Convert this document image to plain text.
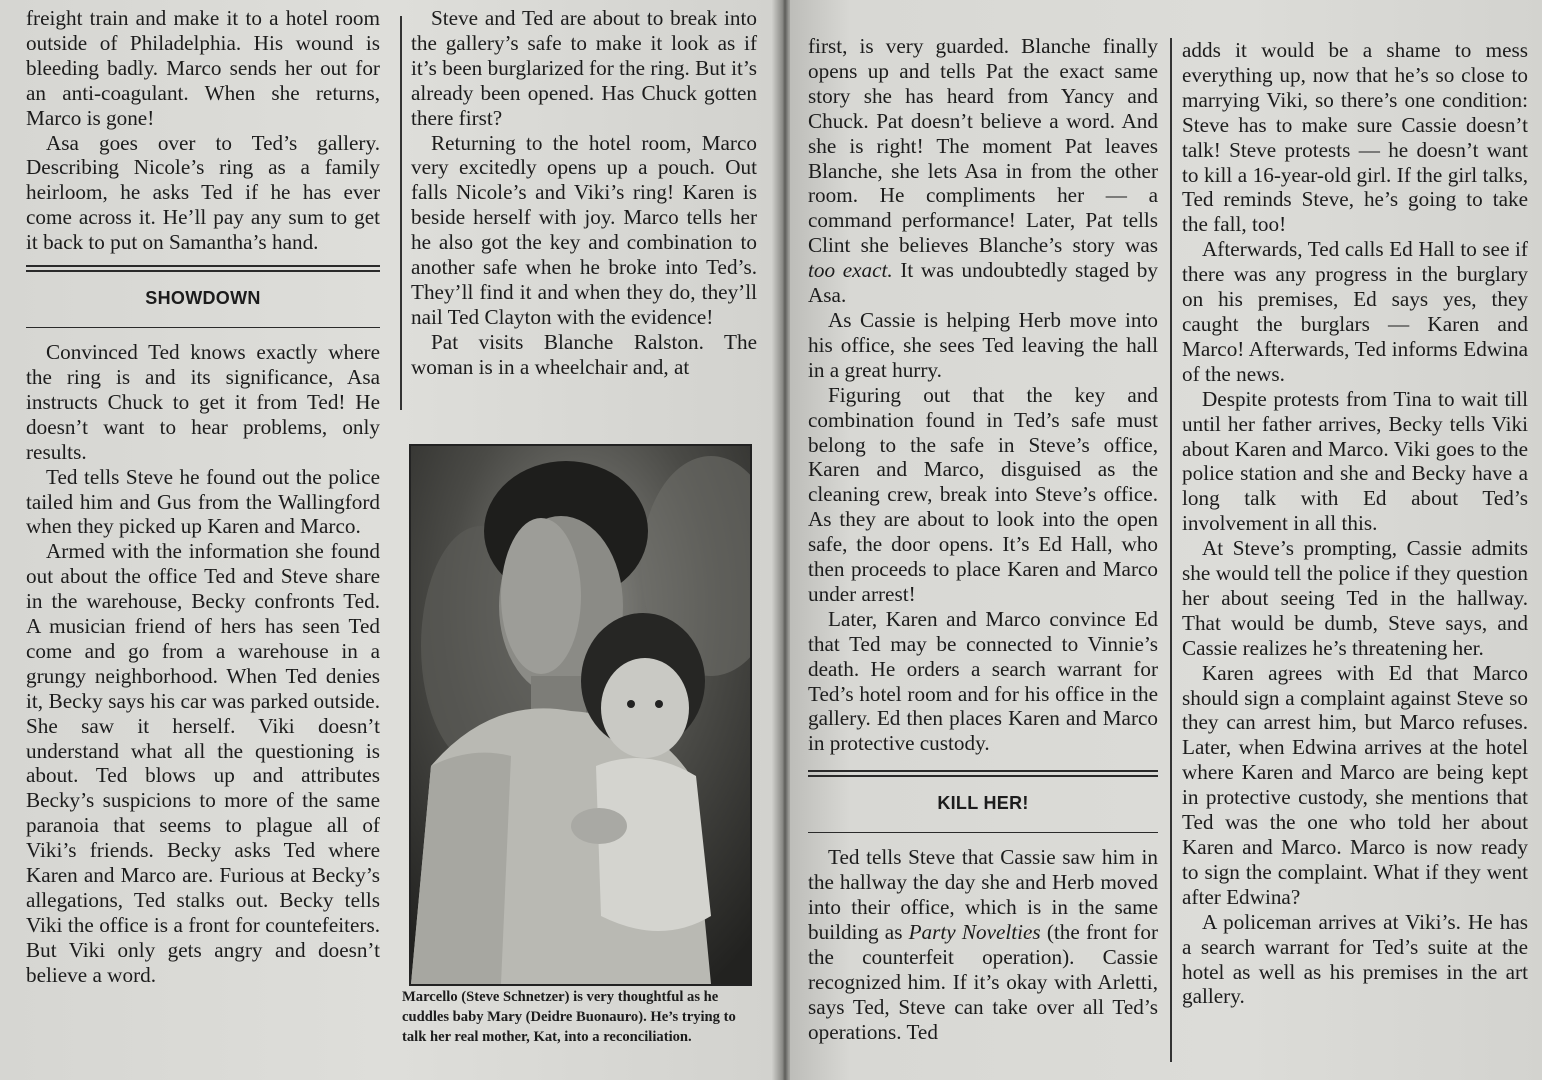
freight train and make it to a hotel room outside of Philadelphia. His wound is bleeding badly. Marco sends her out for an anti-coagulant. When she returns, Marco is gone!

Asa goes over to Ted’s gallery. Describing Nicole’s ring as a family heirloom, he asks Ted if he has ever come across it. He’ll pay any sum to get it back to put on Samantha’s hand.

SHOWDOWN

Convinced Ted knows exactly where the ring is and its significance, Asa instructs Chuck to get it from Ted! He doesn’t want to hear problems, only results.

Ted tells Steve he found out the police tailed him and Gus from the Wallingford when they picked up Karen and Marco.

Armed with the information she found out about the office Ted and Steve share in the warehouse, Becky confronts Ted. A musician friend of hers has seen Ted come and go from a warehouse in a grungy neighborhood. When Ted denies it, Becky says his car was parked outside. She saw it herself. Viki doesn’t understand what all the questioning is about. Ted blows up and attributes Becky’s suspicions to more of the same paranoia that seems to plague all of Viki’s friends. Becky asks Ted where Karen and Marco are. Furious at Becky’s allegations, Ted stalks out. Becky tells Viki the office is a front for countefeiters. But Viki only gets angry and doesn’t believe a word.

Steve and Ted are about to break into the gallery’s safe to make it look as if it’s been burglarized for the ring. But it’s already been opened. Has Chuck gotten there first?

Returning to the hotel room, Marco very excitedly opens up a pouch. Out falls Nicole’s and Viki’s ring! Karen is beside herself with joy. Marco tells her he also got the key and combination to another safe when he broke into Ted’s. They’ll find it and when they do, they’ll nail Ted Clayton with the evidence!

Pat visits Blanche Ralston. The woman is in a wheelchair and, at

Marcello (Steve Schnetzer) is very thoughtful as he cuddles baby Mary (Deidre Buonauro). He’s trying to talk her real mother, Kat, into a reconciliation.

first, is very guarded. Blanche finally opens up and tells Pat the exact same story she has heard from Yancy and Chuck. Pat doesn’t believe a word. And she is right! The moment Pat leaves Blanche, she lets Asa in from the other room. He compliments her — a command performance! Later, Pat tells Clint she believes Blanche’s story was too exact. It was undoubtedly staged by Asa.

As Cassie is helping Herb move into his office, she sees Ted leaving the hall in a great hurry.

Figuring out that the key and combination found in Ted’s safe must belong to the safe in Steve’s office, Karen and Marco, disguised as the cleaning crew, break into Steve’s office. As they are about to look into the open safe, the door opens. It’s Ed Hall, who then proceeds to place Karen and Marco under arrest!

Later, Karen and Marco convince Ed that Ted may be connected to Vinnie’s death. He orders a search warrant for Ted’s hotel room and for his office in the gallery. Ed then places Karen and Marco in protective custody.

KILL HER!

Ted tells Steve that Cassie saw him in the hallway the day she and Herb moved into their office, which is in the same building as Party Novelties (the front for the counterfeit operation). Cassie recognized him. If it’s okay with Arletti, says Ted, Steve can take over all Ted’s operations. Ted

adds it would be a shame to mess everything up, now that he’s so close to marrying Viki, so there’s one condition: Steve has to make sure Cassie doesn’t talk! Steve protests — he doesn’t want to kill a 16-year-old girl. If the girl talks, Ted reminds Steve, he’s going to take the fall, too!

Afterwards, Ted calls Ed Hall to see if there was any progress in the burglary on his premises, Ed says yes, they caught the burglars — Karen and Marco! Afterwards, Ted informs Edwina of the news.

Despite protests from Tina to wait till until her father arrives, Becky tells Viki about Karen and Marco. Viki goes to the police station and she and Becky have a long talk with Ed about Ted’s involvement in all this.

At Steve’s prompting, Cassie admits she would tell the police if they question her about seeing Ted in the hallway. That would be dumb, Steve says, and Cassie realizes he’s threatening her.

Karen agrees with Ed that Marco should sign a complaint against Steve so they can arrest him, but Marco refuses. Later, when Edwina arrives at the hotel where Karen and Marco are being kept in protective custody, she mentions that Ted was the one who told her about Karen and Marco. Marco is now ready to sign the complaint. What if they went after Edwina?

A policeman arrives at Viki’s. He has a search warrant for Ted’s suite at the hotel as well as his premises in the art gallery.
